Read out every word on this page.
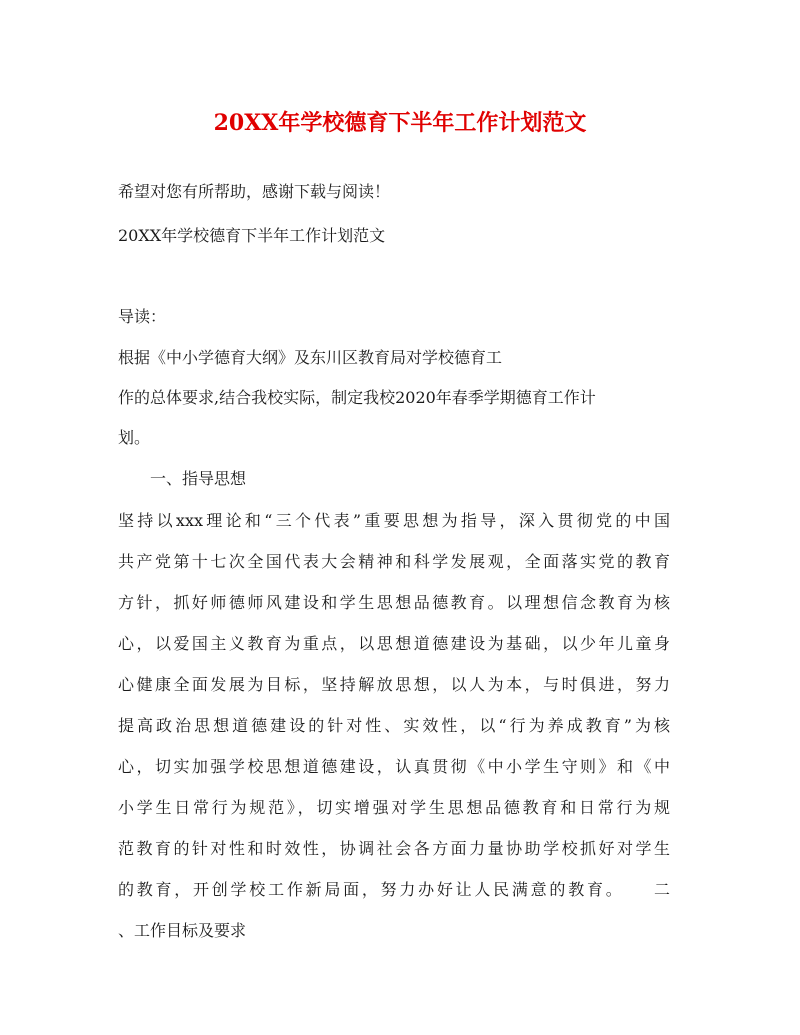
20XX年学校德育下半年工作计划范文
希望对您有所帮助，感谢下载与阅读！
20XX年学校德育下半年工作计划范文
导读：
根据《中小学德育大纲》及东川区教育局对学校德育工
作的总体要求,结合我校实际，制定我校2020年春季学期德育工作计
划。
一、指导思想
坚持以xxx理论和“三个代表”重要思想为指导，深入贯彻党的中国
共产党第十七次全国代表大会精神和科学发展观，全面落实党的教育
方针，抓好师德师风建设和学生思想品德教育。以理想信念教育为核
心，以爱国主义教育为重点，以思想道德建设为基础，以少年儿童身
心健康全面发展为目标，坚持解放思想，以人为本，与时俱进，努力
提高政治思想道德建设的针对性、实效性，以“行为养成教育”为核
心，切实加强学校思想道德建设，认真贯彻《中小学生守则》和《中
小学生日常行为规范》，切实增强对学生思想品德教育和日常行为规
范教育的针对性和时效性，协调社会各方面力量协助学校抓好对学生
的教育，开创学校工作新局面，努力办好让人民满意的教育。　　二
、工作目标及要求
